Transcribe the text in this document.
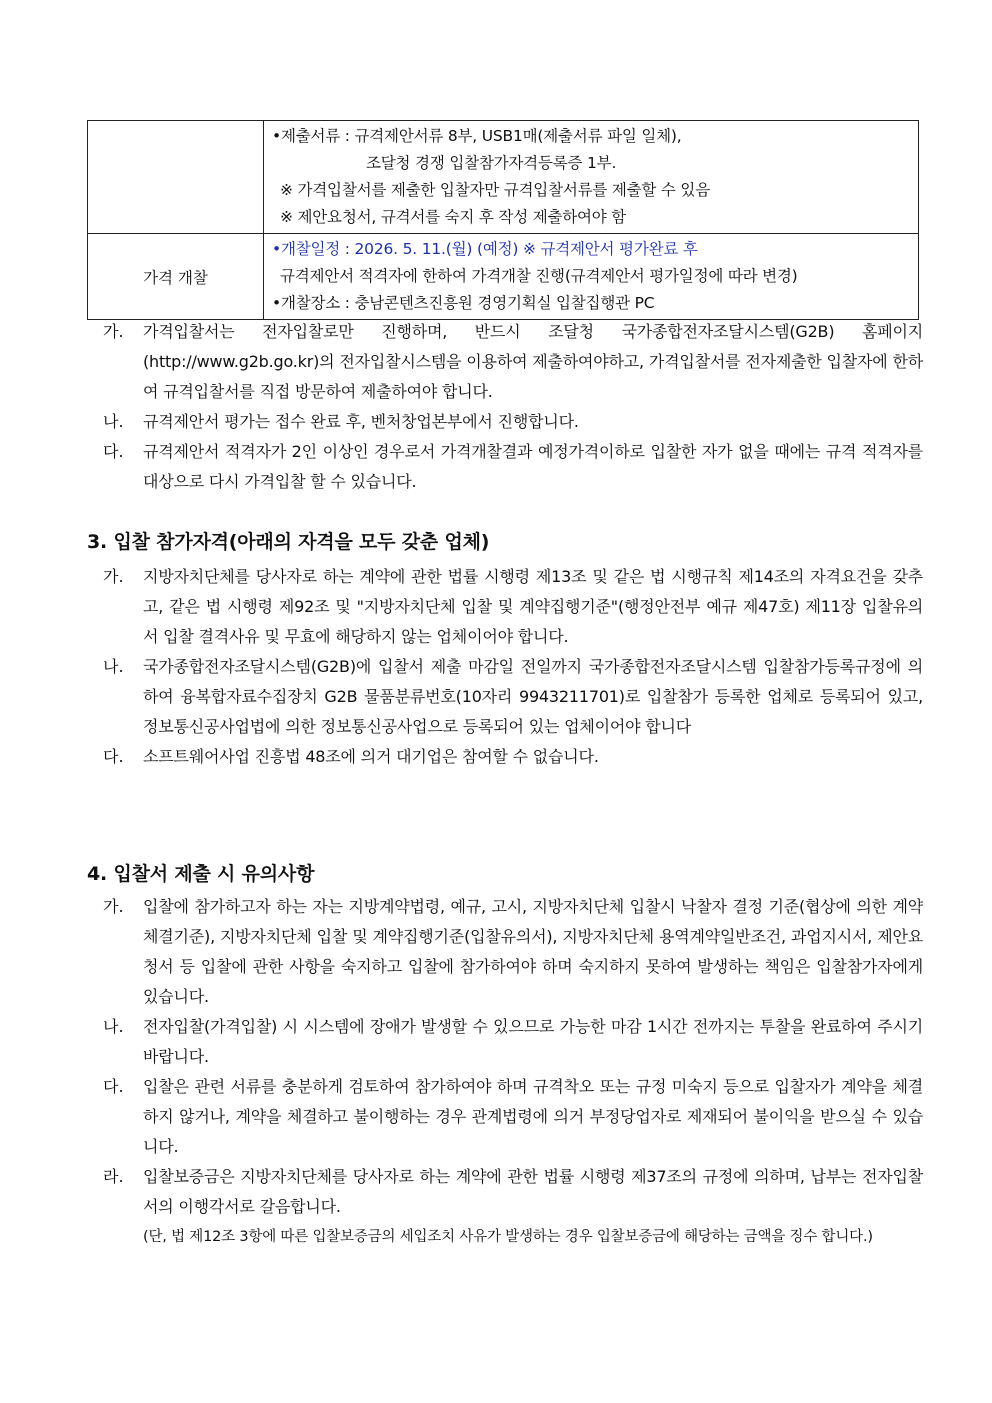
	•제출서류 : 규격제안서류 8부, USB1매(제출서류 파일 일체),
조달청 경쟁 입찰참가자격등록증 1부.
※ 가격입찰서를 제출한 입찰자만 규격입찰서류를 제출할 수 있음
※ 제안요청서, 규격서를 숙지 후 작성 제출하여야 함

가격 개찰	•개찰일정 : 2026. 5. 11.(월) (예정) ※ 규격제안서 평가완료 후
규격제안서 적격자에 한하여 가격개찰 진행(규격제안서 평가일정에 따라 변경)
•개찰장소 : 충남콘텐츠진흥원 경영기획실 입찰집행관 PC
가. 가격입찰서는 전자입찰로만 진행하며, 반드시 조달청 국가종합전자조달시스템(G2B) 홈페이지(http://www.g2b.go.kr)의 전자입찰시스템을 이용하여 제출하여야하고, 가격입찰서를 전자제출한 입찰자에 한하여 규격입찰서를 직접 방문하여 제출하여야 합니다.

나. 규격제안서 평가는 접수 완료 후, 벤처창업본부에서 진행합니다.

다. 규격제안서 적격자가 2인 이상인 경우로서 가격개찰결과 예정가격이하로 입찰한 자가 없을 때에는 규격 적격자를 대상으로 다시 가격입찰 할 수 있습니다.

3. 입찰 참가자격(아래의 자격을 모두 갖춘 업체)
가. 지방자치단체를 당사자로 하는 계약에 관한 법률 시행령 제13조 및 같은 법 시행규칙 제14조의 자격요건을 갖추고, 같은 법 시행령 제92조 및 "지방자치단체 입찰 및 계약집행기준"(행정안전부 예규 제47호) 제11장 입찰유의서 입찰 결격사유 및 무효에 해당하지 않는 업체이어야 합니다.

나. 국가종합전자조달시스템(G2B)에 입찰서 제출 마감일 전일까지 국가종합전자조달시스템 입찰참가등록규정에 의하여 융복합자료수집장치 G2B 물품분류번호(10자리 9943211701)로 입찰참가 등록한 업체로 등록되어 있고, 정보통신공사업법에 의한 정보통신공사업으로 등록되어 있는 업체이어야 합니다

다. 소프트웨어사업 진흥법 48조에 의거 대기업은 참여할 수 없습니다.

4. 입찰서 제출 시 유의사항
가. 입찰에 참가하고자 하는 자는 지방계약법령, 예규, 고시, 지방자치단체 입찰시 낙찰자 결정 기준(협상에 의한 계약체결기준), 지방자치단체 입찰 및 계약집행기준(입찰유의서), 지방자치단체 용역계약일반조건, 과업지시서, 제안요청서 등 입찰에 관한 사항을 숙지하고 입찰에 참가하여야 하며 숙지하지 못하여 발생하는 책임은 입찰참가자에게 있습니다.

나. 전자입찰(가격입찰) 시 시스템에 장애가 발생할 수 있으므로 가능한 마감 1시간 전까지는 투찰을 완료하여 주시기 바랍니다.

다. 입찰은 관련 서류를 충분하게 검토하여 참가하여야 하며 규격착오 또는 규정 미숙지 등으로 입찰자가 계약을 체결하지 않거나, 계약을 체결하고 불이행하는 경우 관계법령에 의거 부정당업자로 제재되어 불이익을 받으실 수 있습니다.

라. 입찰보증금은 지방자치단체를 당사자로 하는 계약에 관한 법률 시행령 제37조의 규정에 의하며, 납부는 전자입찰서의 이행각서로 갈음합니다.

(단, 법 제12조 3항에 따른 입찰보증금의 세입조치 사유가 발생하는 경우 입찰보증금에 해당하는 금액을 징수 합니다.)
